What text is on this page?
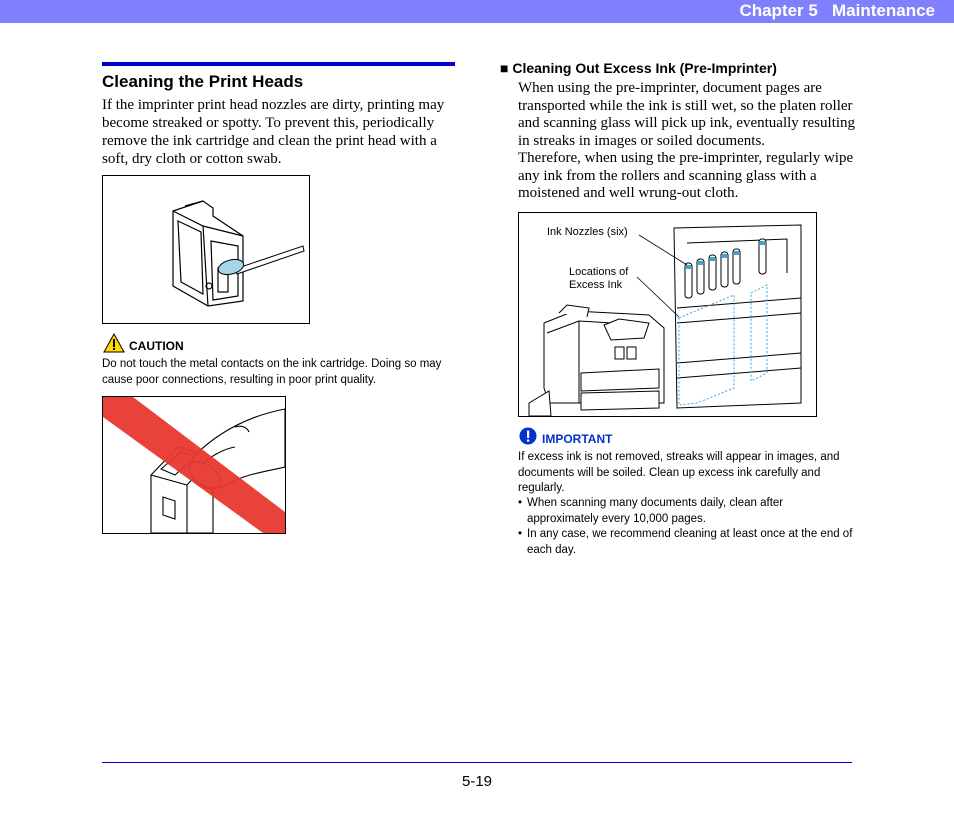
Chapter 5   Maintenance
Cleaning the Print Heads
If the imprinter print head nozzles are dirty, printing may become streaked or spotty. To prevent this, periodically remove the ink cartridge and clean the print head with a soft, dry cloth or cotton swab.
CAUTION
Do not touch the metal contacts on the ink cartridge. Doing so may cause poor connections, resulting in poor print quality.
■ Cleaning Out Excess Ink (Pre-Imprinter)
When using the pre-imprinter, document pages are transported while the ink is still wet, so the platen roller and scanning glass will pick up ink, eventually resulting in streaks in images or soiled documents.
Therefore, when using the pre-imprinter, regularly wipe any ink from the rollers and scanning glass with a moistened and well wrung-out cloth.
Ink Nozzles (six)
Locations of
Excess Ink
IMPORTANT
If excess ink is not removed, streaks will appear in images, and documents will be soiled. Clean up excess ink carefully and regularly.
• When scanning many documents daily, clean after approximately every 10,000 pages.
• In any case, we recommend cleaning at least once at the end of each day.
5-19
